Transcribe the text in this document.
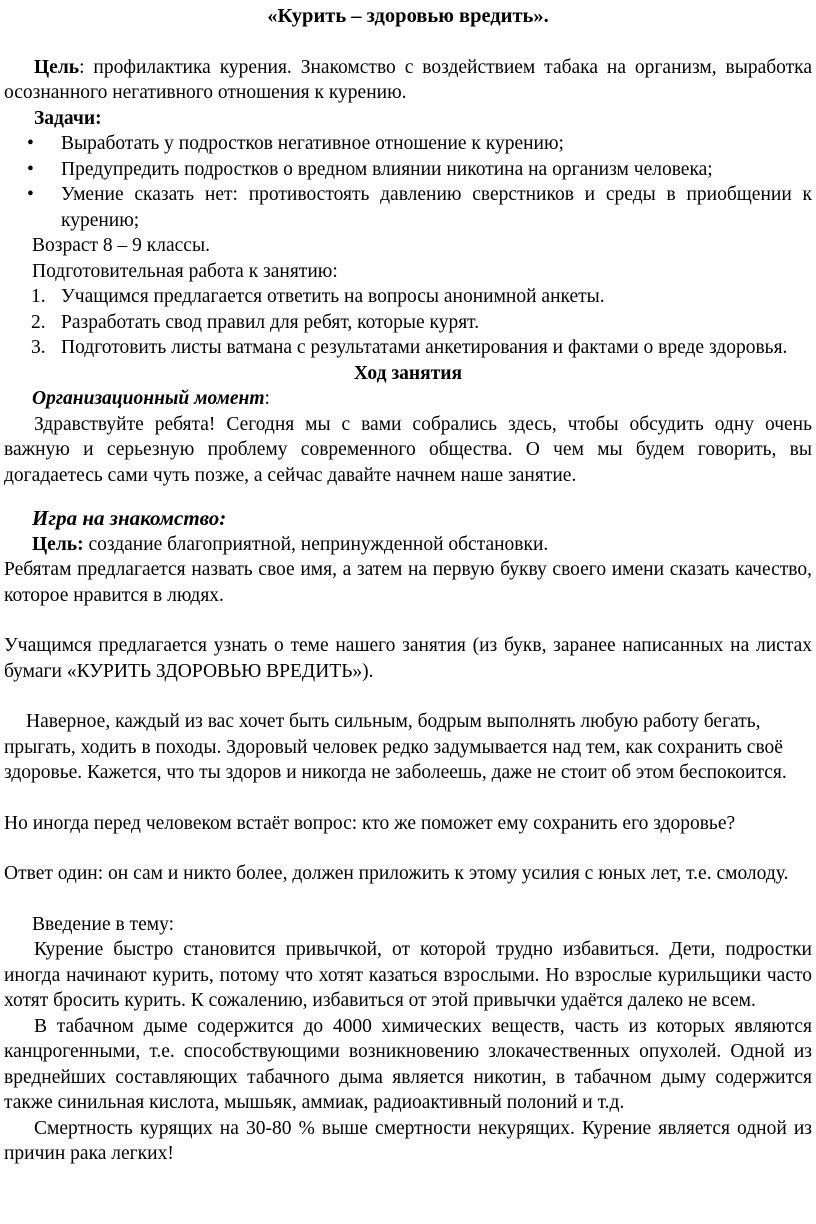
«Курить – здоровью вредить».

Цель: профилактика курения. Знакомство с воздействием табака на организм, выработка осознанного негативного отношения к курению.

Задачи:

• Выработать у подростков негативное отношение к курению;
• Предупредить подростков о вредном влиянии никотина на организм человека;
• Умение сказать нет: противостоять давлению сверстников и среды в приобщении к курению;

Возраст 8 – 9 классы.

Подготовительная работа к занятию:

1. Учащимся предлагается ответить на вопросы анонимной анкеты.
2. Разработать свод правил для ребят, которые курят.
3. Подготовить листы ватмана с результатами анкетирования и фактами о вреде здоровья.

Ход занятия

Организационный момент:

Здравствуйте ребята! Сегодня мы с вами собрались здесь, чтобы обсудить одну очень важную и серьезную проблему современного общества. О чем мы будем говорить, вы догадаетесь сами чуть позже, а сейчас давайте начнем наше занятие.

Игра на знакомство:

Цель: создание благоприятной, непринужденной обстановки.

Ребятам предлагается назвать свое имя, а затем на первую букву своего имени сказать качество, которое нравится в людях.

Учащимся предлагается узнать о теме нашего занятия (из букв, заранее написанных на листах бумаги «КУРИТЬ ЗДОРОВЬЮ ВРЕДИТЬ»).

Наверное, каждый из вас хочет быть сильным, бодрым выполнять любую работу бегать, прыгать, ходить в походы. Здоровый человек редко задумывается над тем, как сохранить своё здоровье. Кажется, что ты здоров и никогда не заболеешь, даже не стоит об этом беспокоится.

Но иногда перед человеком встаёт вопрос: кто же поможет ему сохранить его здоровье?

Ответ один: он сам и никто более, должен приложить к этому усилия с юных лет, т.е. смолоду.

Введение в тему:

Курение быстро становится привычкой, от которой трудно избавиться. Дети, подростки иногда начинают курить, потому что хотят казаться взрослыми. Но взрослые курильщики часто хотят бросить курить. К сожалению, избавиться от этой привычки удаётся далеко не всем.

В табачном дыме содержится до 4000 химических веществ, часть из которых являются канцрогенными, т.е. способствующими возникновению злокачественных опухолей. Одной из вреднейших составляющих табачного дыма является никотин, в табачном дыму содержится также синильная кислота, мышьяк, аммиак, радиоактивный полоний и т.д.

Смертность курящих на 30-80 % выше смертности некурящих. Курение является одной из причин рака легких!
